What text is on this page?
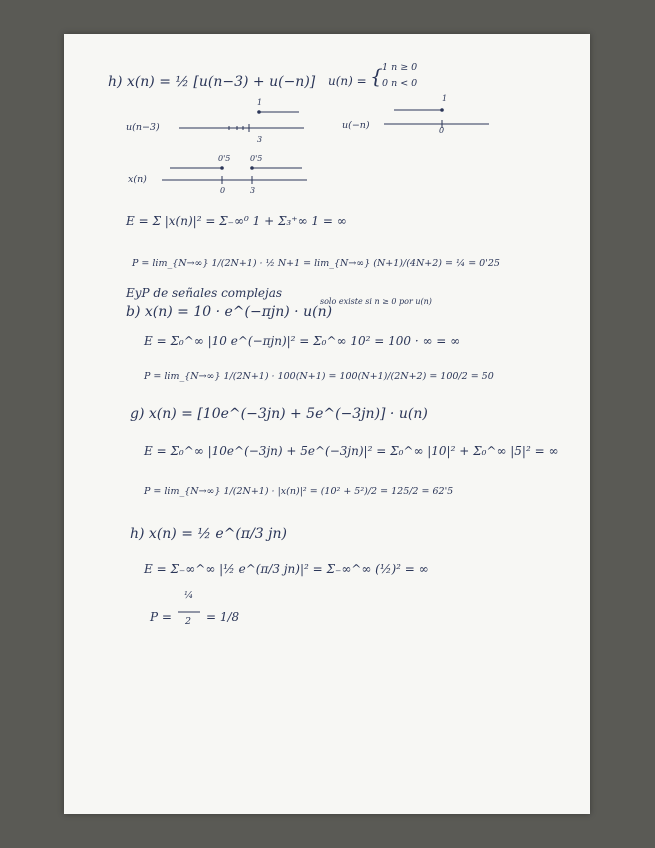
h) x(n) = ½ [u(n−3) + u(−n)] u(n) = { 1 n ≥ 0
0 n < 0
u(n−3)
1
3
u(−n)
1
0
x(n)
0'5 0'5
0	3
E = Σ |x(n)|² = Σ₋∞⁰ 1 + Σ₃⁺∞ 1 = ∞
P = lim_{N→∞} 1/(2N+1) · ½ N+1 = lim_{N→∞} (N+1)/(4N+2) = ¼ = 0'25
EyP de señales complejas
b) x(n) = 10 · e^(−πjn) · u(n)
solo existe si n ≥ 0 por u(n)
E = Σ₀^∞ |10 e^(−πjn)|² = Σ₀^∞ 10² = 100 · ∞ = ∞
P = lim_{N→∞} 1/(2N+1) · 100(N+1) = 100(N+1)/(2N+2) = 100/2 = 50
g) x(n) = [10e^(−3jn) + 5e^(−3jn)] · u(n)
E = Σ₀^∞ |10e^(−3jn) + 5e^(−3jn)|² = Σ₀^∞ |10|² + Σ₀^∞ |5|² = ∞
P = lim_{N→∞} 1/(2N+1) · |x(n)|² = (10² + 5²)/2 = 125/2 = 62'5
h) x(n) = ½ e^(π/3 jn)
E = Σ₋∞^∞ |½ e^(π/3 jn)|² = Σ₋∞^∞ (½)² = ∞
P =
¼
2 = 1/8
